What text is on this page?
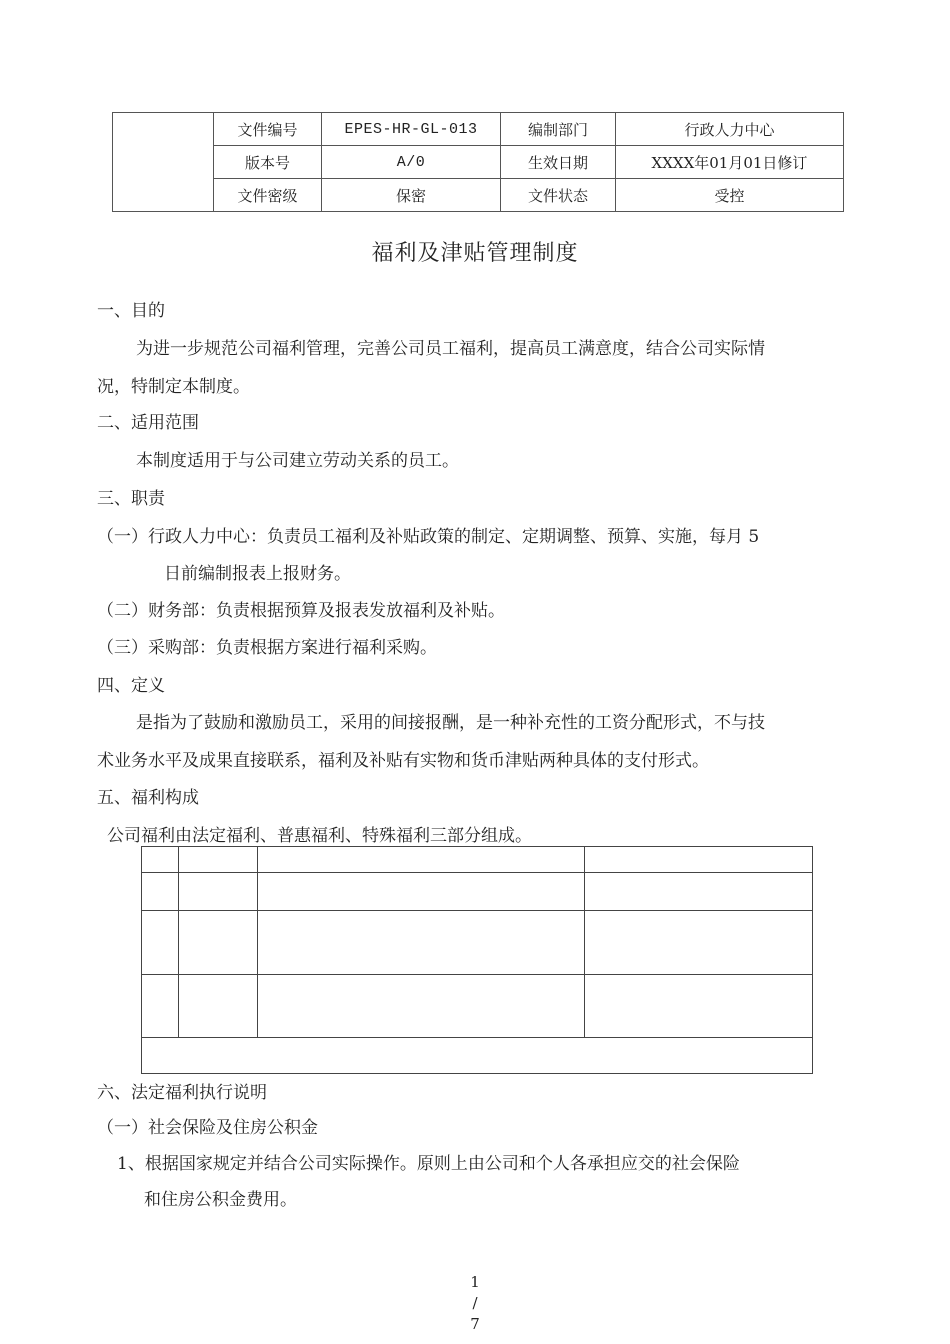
	文件编号	EPES-HR-GL-013	编制部门	行政人力中心
	版本号	A/0	生效日期	XXXX年01月01日修订
	文件密级	保密	文件状态	受控
福利及津贴管理制度
一、目的
为进一步规范公司福利管理，完善公司员工福利，提高员工满意度，结合公司实际情
况，特制定本制度。
二、适用范围
本制度适用于与公司建立劳动关系的员工。
三、职责
（一）行政人力中心：负责员工福利及补贴政策的制定、定期调整、预算、实施，每月 5
日前编制报表上报财务。
（二）财务部：负责根据预算及报表发放福利及补贴。
（三）采购部：负责根据方案进行福利采购。
四、定义
是指为了鼓励和激励员工，采用的间接报酬，是一种补充性的工资分配形式，不与技
术业务水平及成果直接联系，福利及补贴有实物和货币津贴两种具体的支付形式。
五、福利构成
公司福利由法定福利、普惠福利、特殊福利三部分组成。

六、法定福利执行说明
（一）社会保险及住房公积金
1、根据国家规定并结合公司实际操作。原则上由公司和个人各承担应交的社会保险
和住房公积金费用。
1
/
7
